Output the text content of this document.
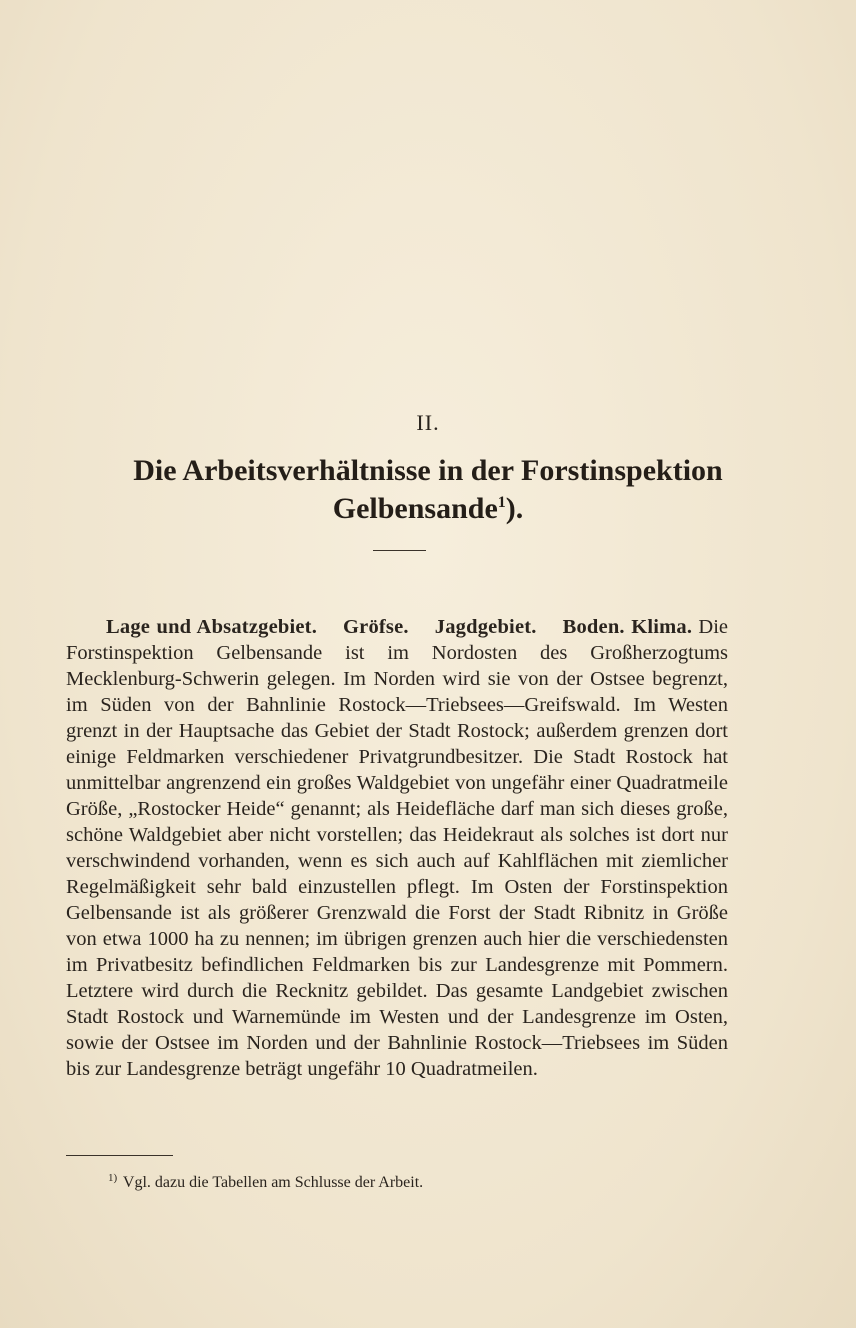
II.
Die Arbeitsverhältnisse in der Forstinspektion
Gelbensande$^1$).

Lage und Absatzgebiet. Gröfse. Jagdgebiet. Boden. Klima. Die Forstinspektion Gelbensande ist im Nordosten des Großherzogtums Mecklenburg-Schwerin gelegen. Im Norden wird sie von der Ostsee begrenzt, im Süden von der Bahnlinie Rostock—Triebsees—Greifswald. Im Westen grenzt in der Hauptsache das Gebiet der Stadt Rostock; außerdem grenzen dort einige Feldmarken verschiedener Privatgrundbesitzer. Die Stadt Rostock hat unmittelbar angrenzend ein großes Waldgebiet von ungefähr einer Quadratmeile Größe, „Rostocker Heide“ genannt; als Heidefläche darf man sich dieses große, schöne Waldgebiet aber nicht vorstellen; das Heidekraut als solches ist dort nur verschwindend vorhanden, wenn es sich auch auf Kahlflächen mit ziemlicher Regelmäßigkeit sehr bald einzustellen pflegt. Im Osten der Forstinspektion Gelbensande ist als größerer Grenzwald die Forst der Stadt Ribnitz in Größe von etwa 1000 ha zu nennen; im übrigen grenzen auch hier die verschiedensten im Privatbesitz befindlichen Feldmarken bis zur Landesgrenze mit Pommern. Letztere wird durch die Recknitz gebildet. Das gesamte Landgebiet zwischen Stadt Rostock und Warnemünde im Westen und der Landesgrenze im Osten, sowie der Ostsee im Norden und der Bahnlinie Rostock—Triebsees im Süden bis zur Landesgrenze beträgt ungefähr 10 Quadratmeilen.

$^{1)}$ Vgl. dazu die Tabellen am Schlusse der Arbeit.
